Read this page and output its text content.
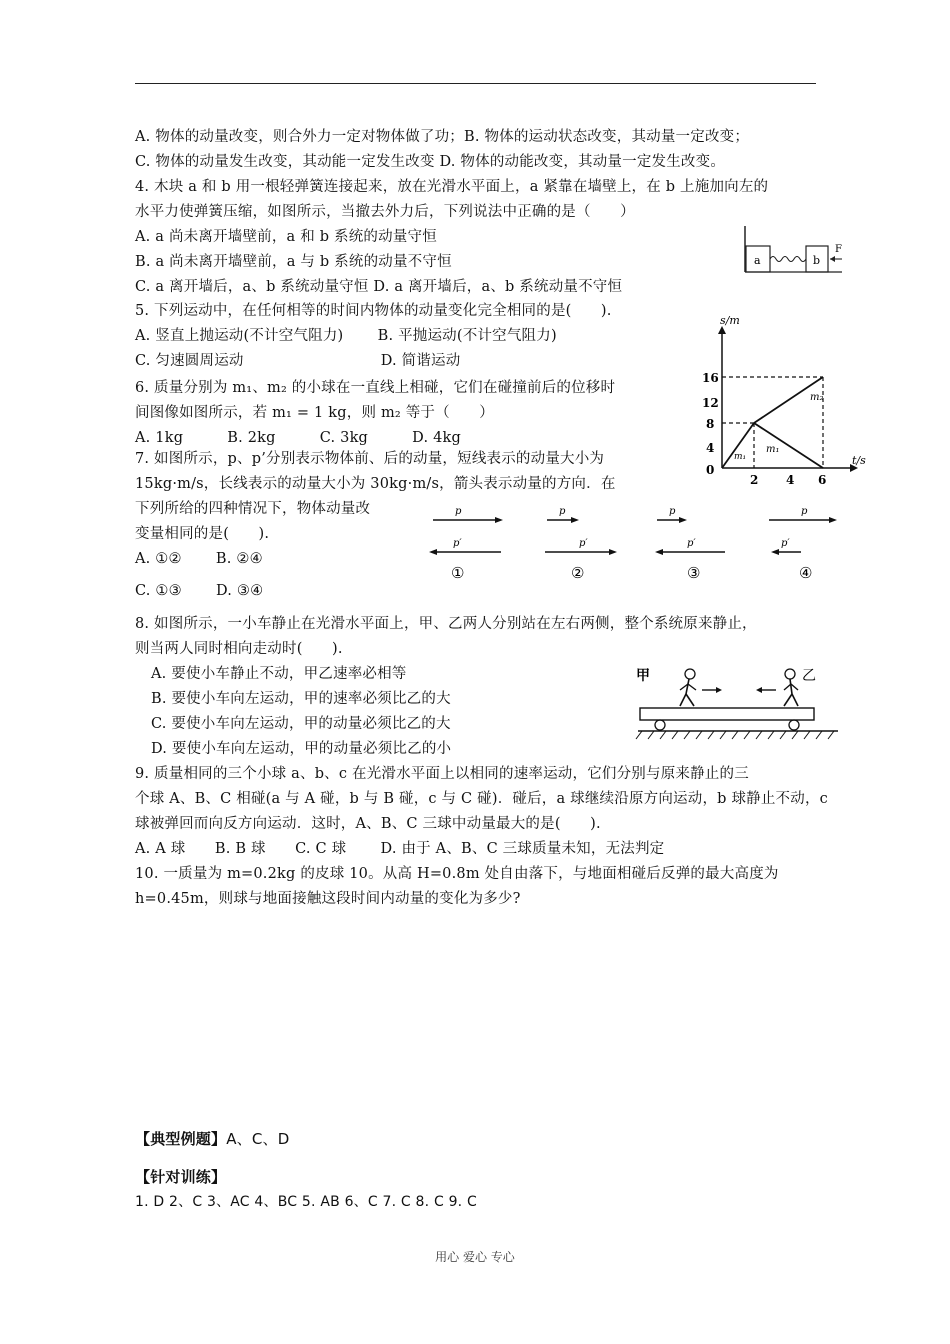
A. 物体的动量改变，则合外力一定对物体做了功；B. 物体的运动状态改变，其动量一定改变；
C. 物体的动量发生改变，其动能一定发生改变 D. 物体的动能改变，其动量一定发生改变。
4. 木块 a 和 b 用一根轻弹簧连接起来，放在光滑水平面上，a 紧靠在墙壁上，在 b 上施加向左的
水平力使弹簧压缩，如图所示，当撤去外力后，下列说法中正确的是（　　）
A. a 尚未离开墙壁前，a 和 b 系统的动量守恒
B. a 尚未离开墙壁前，a 与 b 系统的动量不守恒
C. a 离开墙后，a、b 系统动量守恒 D. a 离开墙后，a、b 系统动量不守恒
a	b
F
5. 下列运动中，在任何相等的时间内物体的动量变化完全相同的是(　　).
A. 竖直上抛运动(不计空气阻力)　　 B. 平抛运动(不计空气阻力)
C. 匀速圆周运动　　　　　　　　　 D. 简谐运动
6. 质量分别为 m₁、m₂ 的小球在一直线上相碰，它们在碰撞前后的位移时
间图像如图所示，若 m₁ = 1 kg，则 m₂ 等于（　　）
A. 1kg　　　B. 2kg　　　C. 3kg　　　D. 4kg
s/m
t/s
16
12
8
4
0
2 4 6
m₂
m₁
m₁
7. 如图所示，p、p’分别表示物体前、后的动量，短线表示的动量大小为
15kg·m/s，长线表示的动量大小为 30kg·m/s，箭头表示动量的方向．在
下列所给的四种情况下，物体动量改
变量相同的是(　　).
A. ①②　　 B. ②④
C. ①③　　 D. ③④
p
p′
①
p
p′
②
p
p′
③
p
p′
④
8. 如图所示，一小车静止在光滑水平面上，甲、乙两人分别站在左右两侧，整个系统原来静止，
则当两人同时相向走动时(　　).
A. 要使小车静止不动，甲乙速率必相等
B. 要使小车向左运动，甲的速率必须比乙的大
C. 要使小车向左运动，甲的动量必须比乙的大
D. 要使小车向左运动，甲的动量必须比乙的小
甲	乙
9. 质量相同的三个小球 a、b、c 在光滑水平面上以相同的速率运动，它们分别与原来静止的三
个球 A、B、C 相碰(a 与 A 碰，b 与 B 碰，c 与 C 碰)．碰后，a 球继续沿原方向运动，b 球静止不动，c
球被弹回而向反方向运动．这时，A、B、C 三球中动量最大的是(　　).
A. A 球　　B. B 球　　C. C 球　　 D. 由于 A、B、C 三球质量未知，无法判定
10. 一质量为 m=0.2kg 的皮球 10。从高 H=0.8m 处自由落下，与地面相碰后反弹的最大高度为
h=0.45m，则球与地面接触这段时间内动量的变化为多少?
【典型例题】A、C、D
【针对训练】
1. D 2、C 3、AC 4、BC 5. AB 6、C 7. C 8. C 9. C
用心 爱心 专心
